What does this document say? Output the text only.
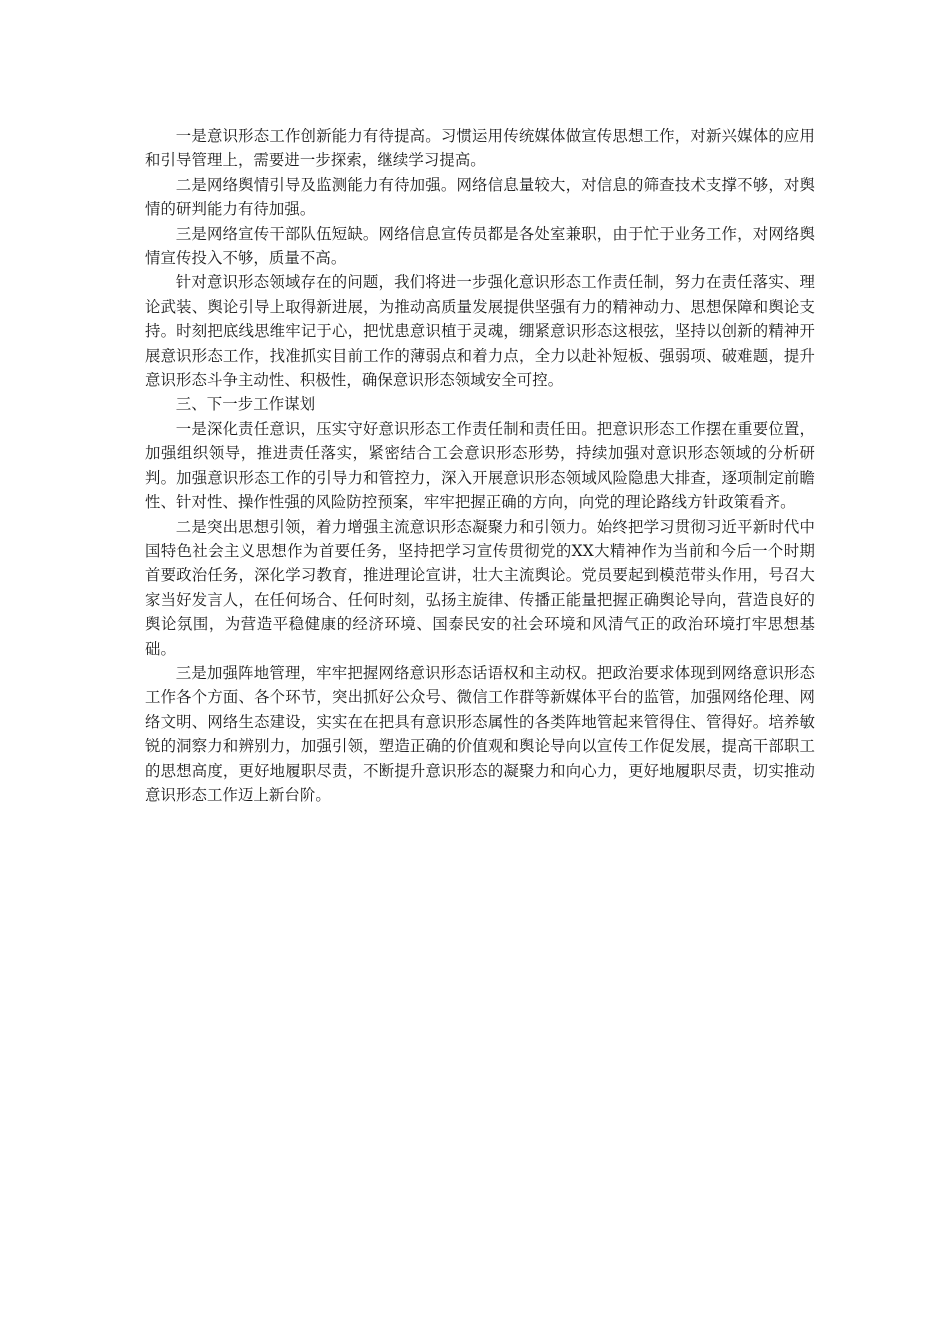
一是意识形态工作创新能力有待提高。习惯运用传统媒体做宣传思想工作，对新兴媒体的应用和引导管理上，需要进一步探索，继续学习提高。

二是网络舆情引导及监测能力有待加强。网络信息量较大，对信息的筛查技术支撑不够，对舆情的研判能力有待加强。

三是网络宣传干部队伍短缺。网络信息宣传员都是各处室兼职，由于忙于业务工作，对网络舆情宣传投入不够，质量不高。

针对意识形态领域存在的问题，我们将进一步强化意识形态工作责任制，努力在责任落实、理论武装、舆论引导上取得新进展，为推动高质量发展提供坚强有力的精神动力、思想保障和舆论支持。时刻把底线思维牢记于心，把忧患意识植于灵魂，绷紧意识形态这根弦，坚持以创新的精神开展意识形态工作，找准抓实目前工作的薄弱点和着力点，全力以赴补短板、强弱项、破难题，提升意识形态斗争主动性、积极性，确保意识形态领域安全可控。

三、下一步工作谋划

一是深化责任意识，压实守好意识形态工作责任制和责任田。把意识形态工作摆在重要位置，加强组织领导，推进责任落实，紧密结合工会意识形态形势，持续加强对意识形态领域的分析研判。加强意识形态工作的引导力和管控力，深入开展意识形态领域风险隐患大排查，逐项制定前瞻性、针对性、操作性强的风险防控预案，牢牢把握正确的方向，向党的理论路线方针政策看齐。

二是突出思想引领，着力增强主流意识形态凝聚力和引领力。始终把学习贯彻习近平新时代中国特色社会主义思想作为首要任务，坚持把学习宣传贯彻党的XX大精神作为当前和今后一个时期首要政治任务，深化学习教育，推进理论宣讲，壮大主流舆论。党员要起到模范带头作用，号召大家当好发言人，在任何场合、任何时刻，弘扬主旋律、传播正能量把握正确舆论导向，营造良好的舆论氛围，为营造平稳健康的经济环境、国泰民安的社会环境和风清气正的政治环境打牢思想基础。

三是加强阵地管理，牢牢把握网络意识形态话语权和主动权。把政治要求体现到网络意识形态工作各个方面、各个环节，突出抓好公众号、微信工作群等新媒体平台的监管，加强网络伦理、网络文明、网络生态建设，实实在在把具有意识形态属性的各类阵地管起来管得住、管得好。培养敏锐的洞察力和辨别力，加强引领，塑造正确的价值观和舆论导向以宣传工作促发展，提高干部职工的思想高度，更好地履职尽责，不断提升意识形态的凝聚力和向心力，更好地履职尽责，切实推动意识形态工作迈上新台阶。
